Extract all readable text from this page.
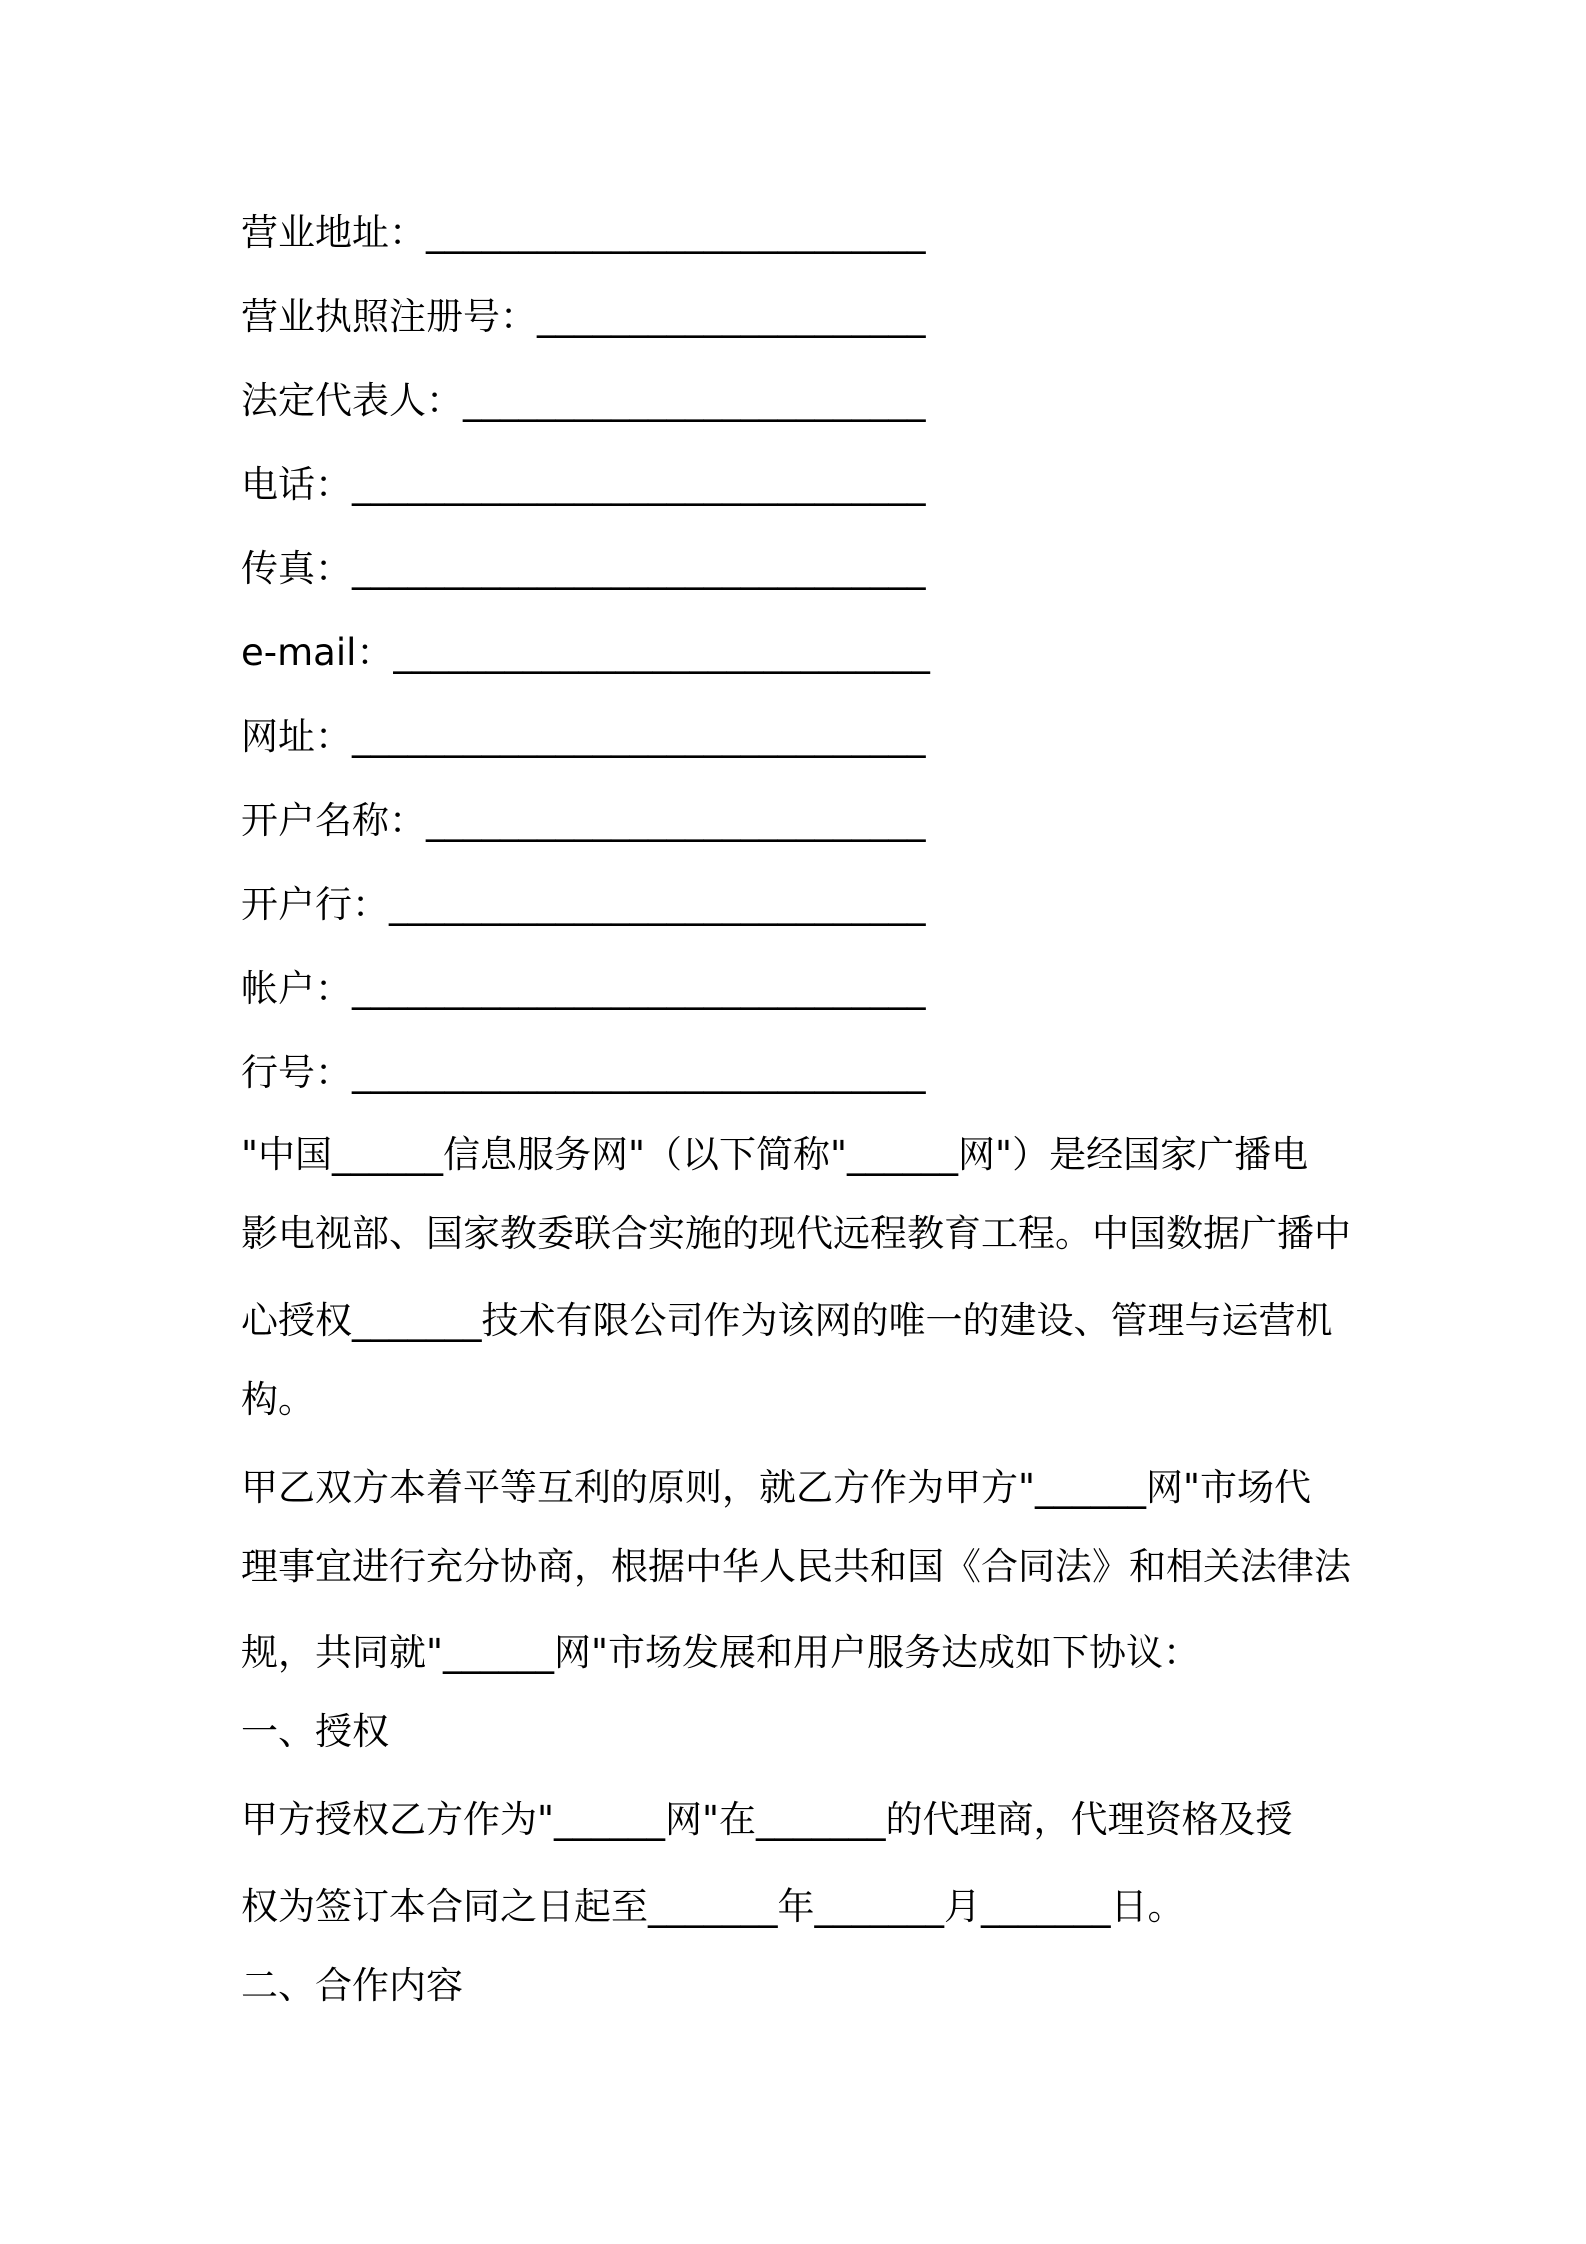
营业地址：___________________________
营业执照注册号：_____________________
法定代表人：_________________________
电话：_______________________________
传真：_______________________________
e-mail：_____________________________
网址：_______________________________
开户名称：___________________________
开户行：_____________________________
帐户：_______________________________
行号：_______________________________
"中国______信息服务网"（以下简称"______网"）是经国家广播电
影电视部、国家教委联合实施的现代远程教育工程。中国数据广播中
心授权_______技术有限公司作为该网的唯一的建设、管理与运营机
构。
甲乙双方本着平等互利的原则，就乙方作为甲方"______网"市场代
理事宜进行充分协商，根据中华人民共和国《合同法》和相关法律法
规，共同就"______网"市场发展和用户服务达成如下协议：
一、授权
甲方授权乙方作为"______网"在_______的代理商，代理资格及授
权为签订本合同之日起至_______年_______月_______日。
二、合作内容
